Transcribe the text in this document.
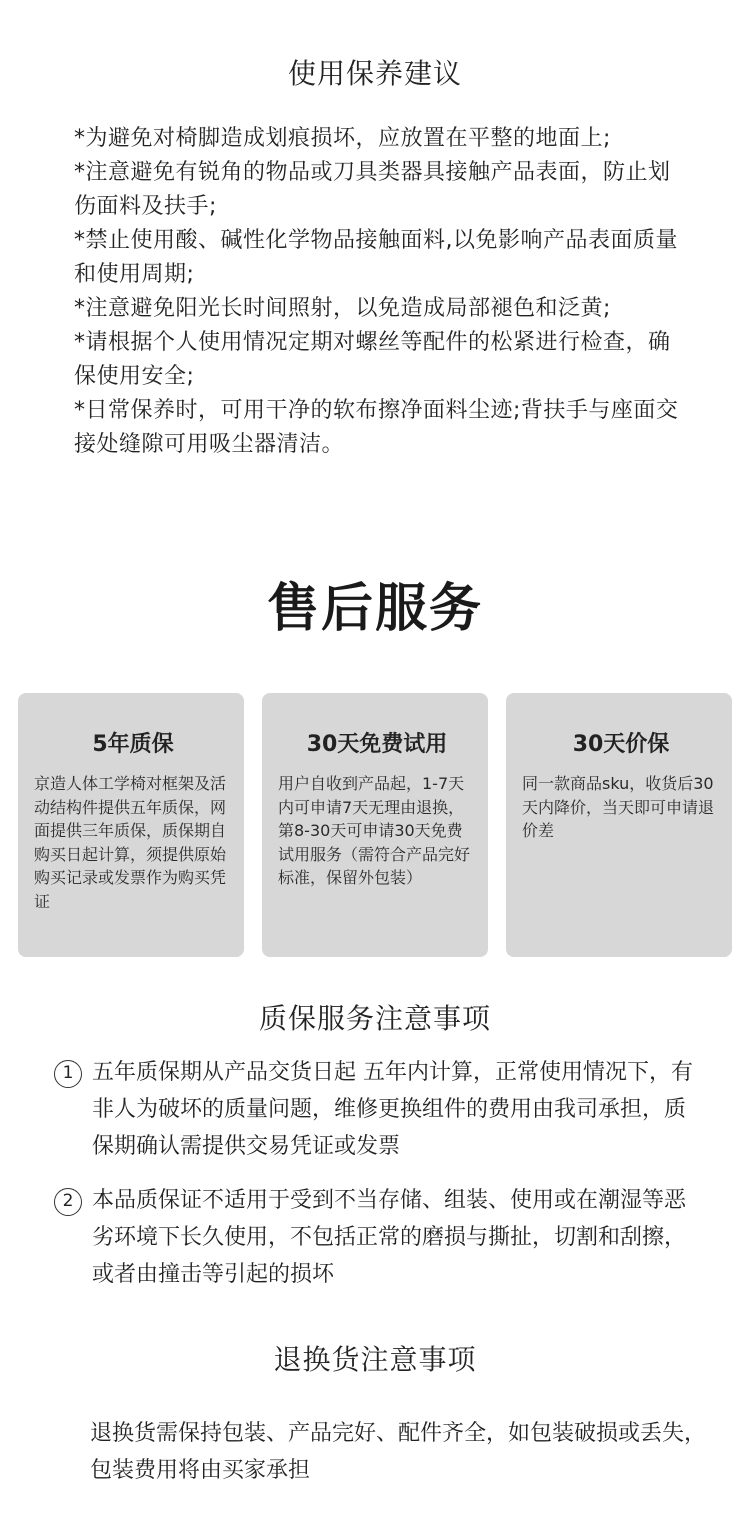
使用保养建议
*为避免对椅脚造成划痕损坏，应放置在平整的地面上;
*注意避免有锐角的物品或刀具类器具接触产品表面，防止划伤面料及扶手;
*禁止使用酸、碱性化学物品接触面料,以免影响产品表面质量和使用周期;
*注意避免阳光长时间照射，以免造成局部褪色和泛黄;
*请根据个人使用情况定期对螺丝等配件的松紧进行检查，确保使用安全;
*日常保养时，可用干净的软布擦净面料尘迹;背扶手与座面交接处缝隙可用吸尘器清洁。
售后服务
5年质保
京造人体工学椅对框架及活动结构件提供五年质保，网面提供三年质保，质保期自购买日起计算，须提供原始购买记录或发票作为购买凭证
30天免费试用
用户自收到产品起，1-7天内可申请7天无理由退换，第8-30天可申请30天免费试用服务（需符合产品完好标准，保留外包装）
30天价保
同一款商品sku，收货后30天内降价，当天即可申请退价差
质保服务注意事项
1 五年质保期从产品交货日起 五年内计算，正常使用情况下，有非人为破坏的质量问题，维修更换组件的费用由我司承担，质保期确认需提供交易凭证或发票
2 本品质保证不适用于受到不当存储、组装、使用或在潮湿等恶劣环境下长久使用，不包括正常的磨损与撕扯，切割和刮擦，或者由撞击等引起的损坏
退换货注意事项

退换货需保持包装、产品完好、配件齐全，如包装破损或丢失，包装费用将由买家承担
